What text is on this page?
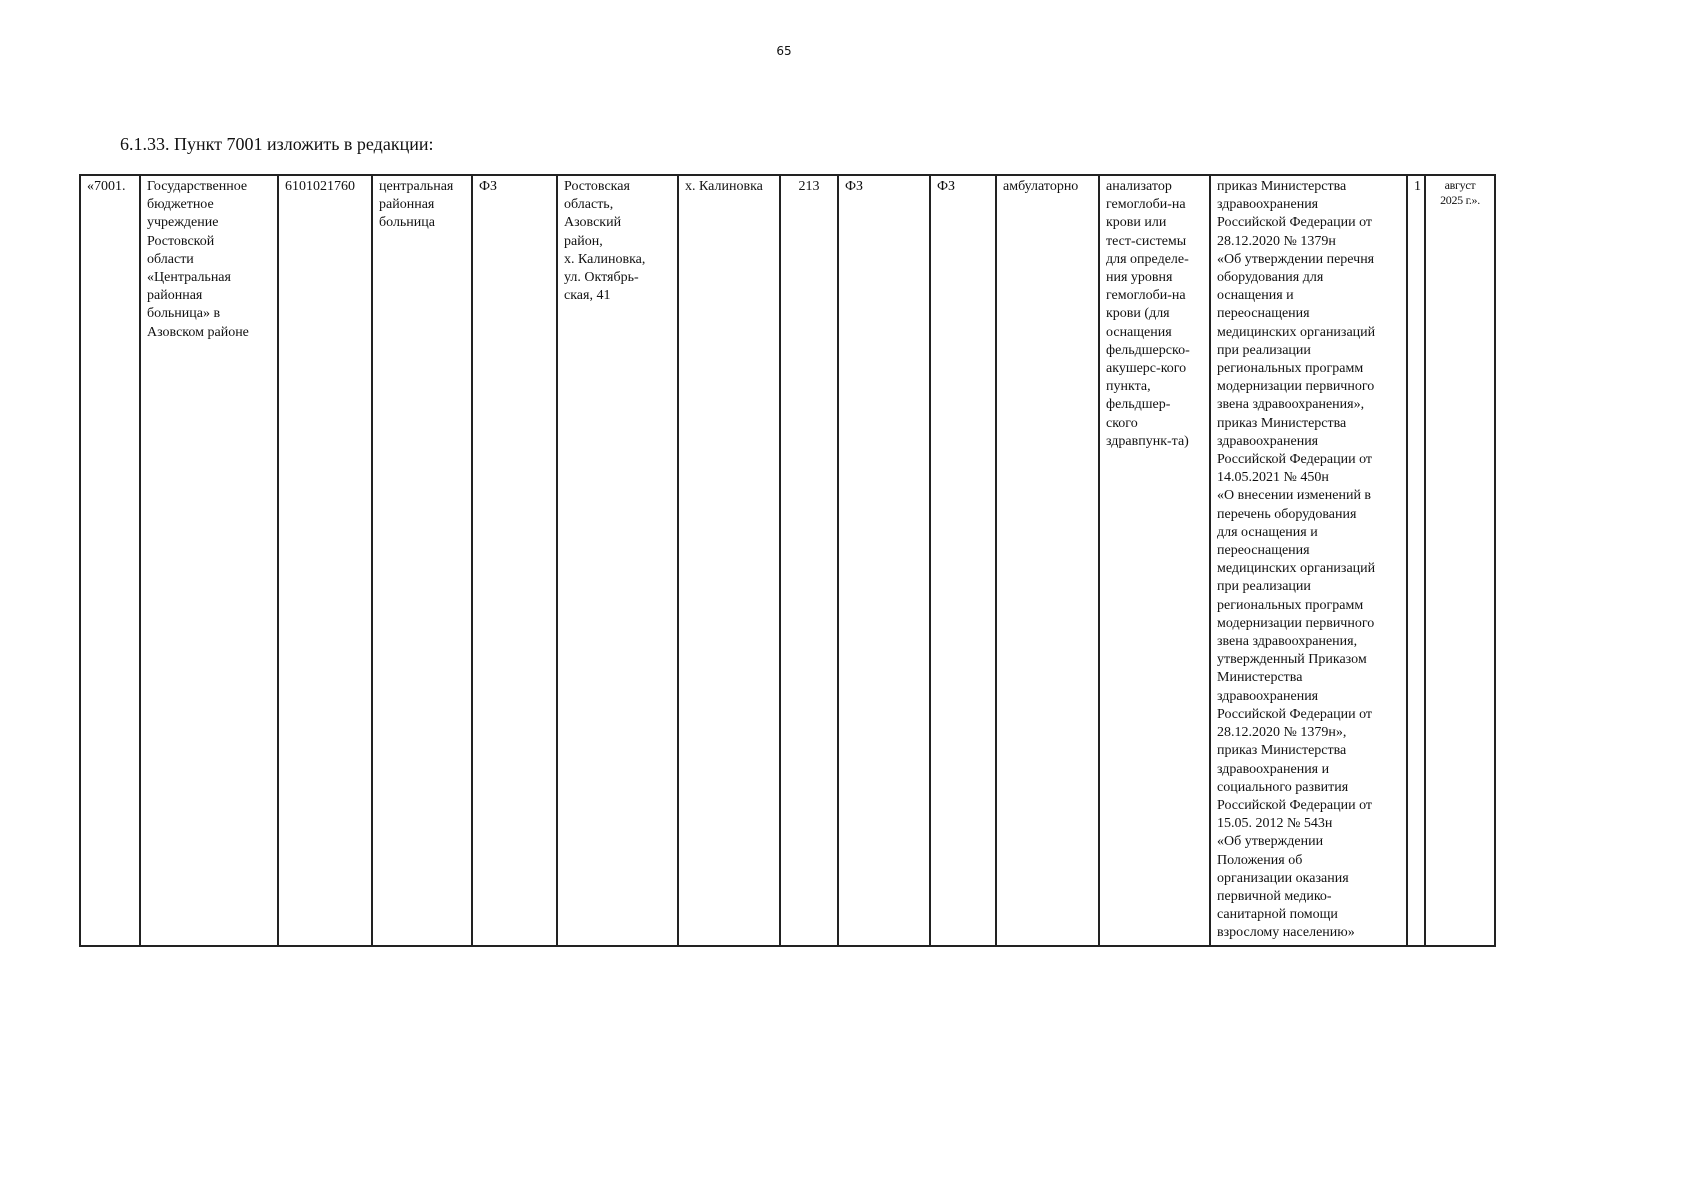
65
6.1.33. Пункт 7001 изложить в редакции:
«7001.	Государственное
бюджетное
учреждение
Ростовской
области
«Центральная
районная
больница» в
Азовском районе	6101021760	центральная
районная
больница	ФЗ	Ростовская
область,
Азовский
район,
х. Калиновка,
ул. Октябрь-
ская, 41	х. Калиновка	213	ФЗ	ФЗ	амбулаторно	анализатор
гемоглоби-на
крови или
тест-системы
для определе-
ния уровня
гемоглоби-на
крови (для
оснащения
фельдшерско-
акушерс-кого
пункта,
фельдшер-
ского
здравпунк-та)	приказ Министерства
здравоохранения
Российской Федерации от
28.12.2020 № 1379н
«Об утверждении перечня
оборудования для
оснащения и
переоснащения
медицинских организаций
при реализации
региональных программ
модернизации первичного
звена здравоохранения»,
приказ Министерства
здравоохранения
Российской Федерации от
14.05.2021 № 450н
«О внесении изменений в
перечень оборудования
для оснащения и
переоснащения
медицинских организаций
при реализации
региональных программ
модернизации первичного
звена здравоохранения,
утвержденный Приказом
Министерства
здравоохранения
Российской Федерации от
28.12.2020 № 1379н»,
приказ Министерства
здравоохранения и
социального развития
Российской Федерации от
15.05. 2012 № 543н
«Об утверждении
Положения об
организации оказания
первичной медико-
санитарной помощи
взрослому населению»	1	август
2025 г.».
